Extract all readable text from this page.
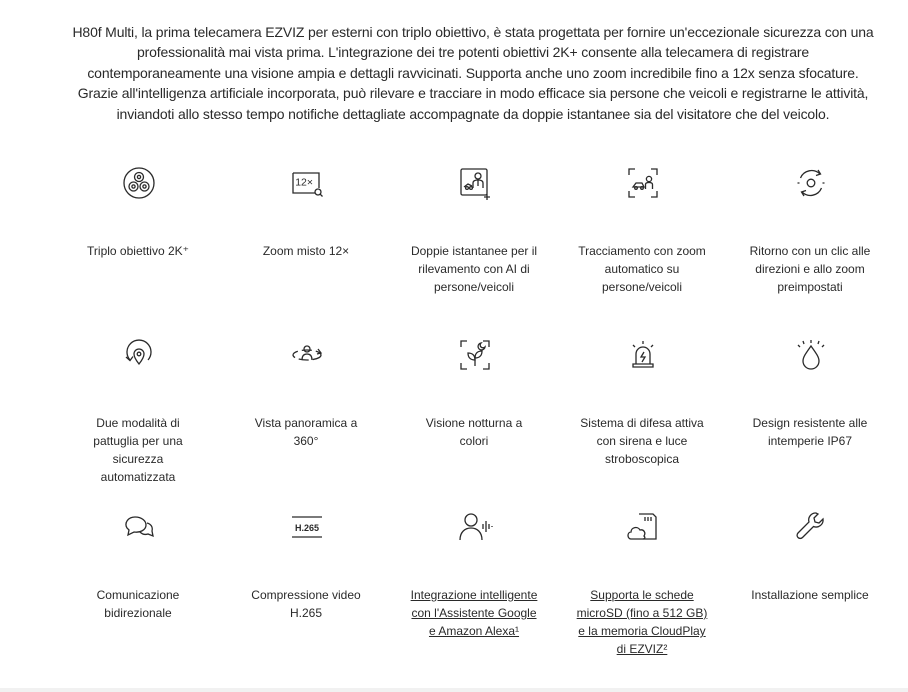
H80f Multi, la prima telecamera EZVIZ per esterni con triplo obiettivo, è stata progettata per fornire un'eccezionale sicurezza con una
professionalità mai vista prima. L'integrazione dei tre potenti obiettivi 2K+ consente alla telecamera di registrare
contemporaneamente una visione ampia e dettagli ravvicinati. Supporta anche uno zoom incredibile fino a 12x senza sfocature.
Grazie all'intelligenza artificiale incorporata, può rilevare e tracciare in modo efficace sia persone che veicoli e registrarne le attività,
inviandoti allo stesso tempo notifiche dettagliate accompagnate da doppie istantanee sia del visitatore che del veicolo.
Triplo obiettivo 2K⁺
12×
Zoom misto 12×	Doppie istantanee per il
rilevamento con AI di
persone/veicoli
Tracciamento con zoom
automatico su
persone/veicoli
Ritorno con un clic alle
direzioni e allo zoom
preimpostati
Due modalità di
pattuglia per una
sicurezza
automatizzata
Vista panoramica a
360°
Visione notturna a
colori
Sistema di difesa attiva
con sirena e luce
stroboscopica
Design resistente alle
intemperie IP67
Comunicazione
bidirezionale
H.265
Compressione video
H.265
Integrazione intelligente
con l'Assistente Google
e Amazon Alexa¹
Supporta le schede
microSD (fino a 512 GB)
e la memoria CloudPlay
di EZVIZ²
Installazione semplice
